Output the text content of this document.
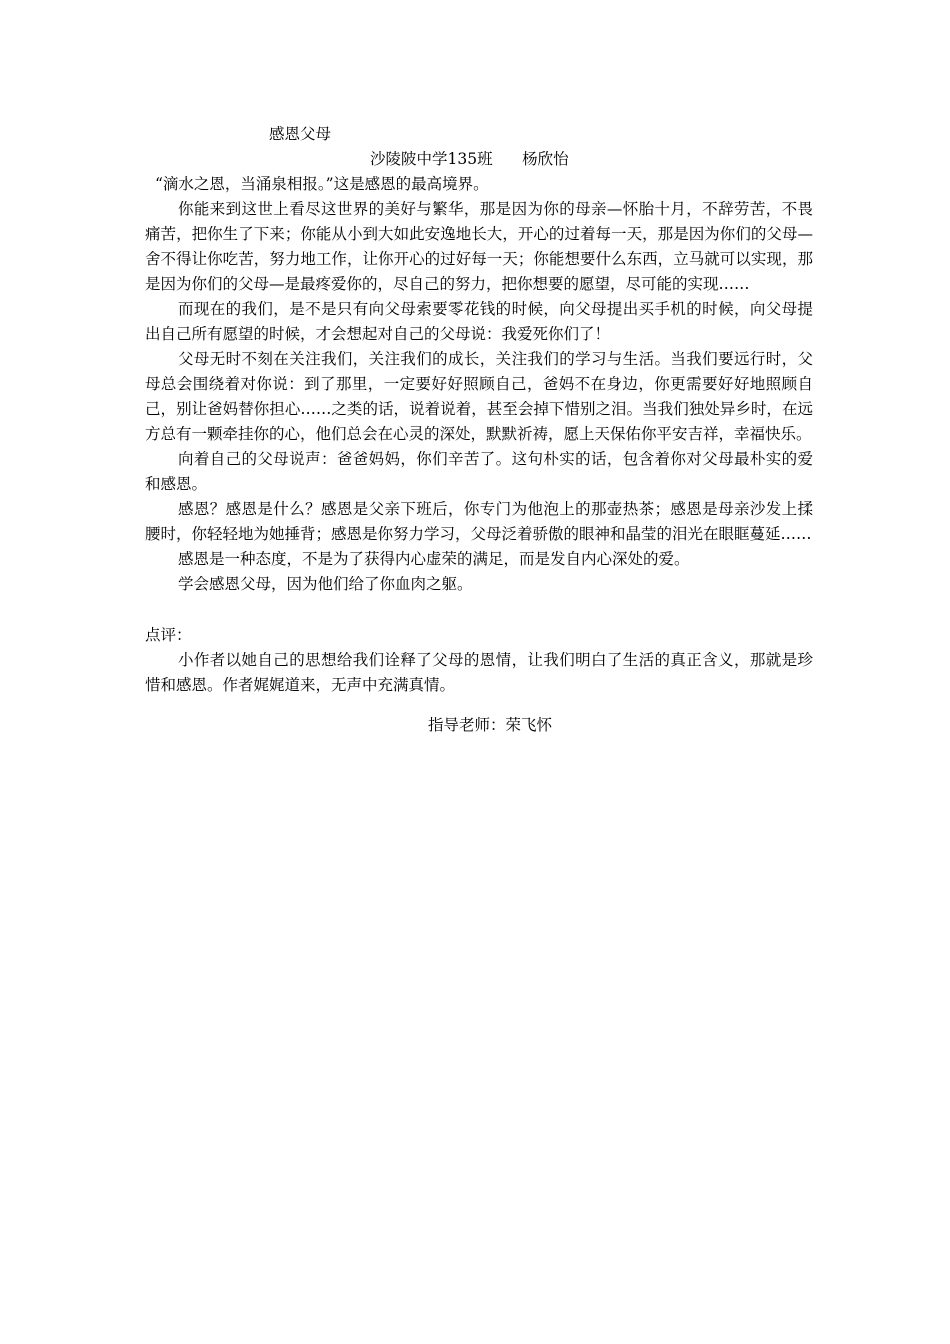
感恩父母

沙陵陂中学135班 杨欣怡

“滴水之恩，当涌泉相报。”这是感恩的最高境界。

你能来到这世上看尽这世界的美好与繁华，那是因为你的母亲—怀胎十月，不辞劳苦，不畏痛苦，把你生了下来；你能从小到大如此安逸地长大，开心的过着每一天，那是因为你们的父母—舍不得让你吃苦，努力地工作，让你开心的过好每一天；你能想要什么东西，立马就可以实现，那是因为你们的父母—是最疼爱你的，尽自己的努力，把你想要的愿望，尽可能的实现……

而现在的我们，是不是只有向父母索要零花钱的时候，向父母提出买手机的时候，向父母提出自己所有愿望的时候，才会想起对自己的父母说：我爱死你们了！

父母无时不刻在关注我们，关注我们的成长，关注我们的学习与生活。当我们要远行时，父母总会围绕着对你说：到了那里，一定要好好照顾自己，爸妈不在身边，你更需要好好地照顾自己，别让爸妈替你担心……之类的话，说着说着，甚至会掉下惜别之泪。当我们独处异乡时，在远方总有一颗牵挂你的心，他们总会在心灵的深处，默默祈祷，愿上天保佑你平安吉祥，幸福快乐。

向着自己的父母说声：爸爸妈妈，你们辛苦了。这句朴实的话，包含着你对父母最朴实的爱和感恩。

感恩？感恩是什么？感恩是父亲下班后，你专门为他泡上的那壶热茶；感恩是母亲沙发上揉腰时，你轻轻地为她捶背；感恩是你努力学习，父母泛着骄傲的眼神和晶莹的泪光在眼眶蔓延……

感恩是一种态度，不是为了获得内心虚荣的满足，而是发自内心深处的爱。

学会感恩父母，因为他们给了你血肉之躯。

点评：

小作者以她自己的思想给我们诠释了父母的恩情，让我们明白了生活的真正含义，那就是珍惜和感恩。作者娓娓道来，无声中充满真情。

指导老师：荣飞怀
